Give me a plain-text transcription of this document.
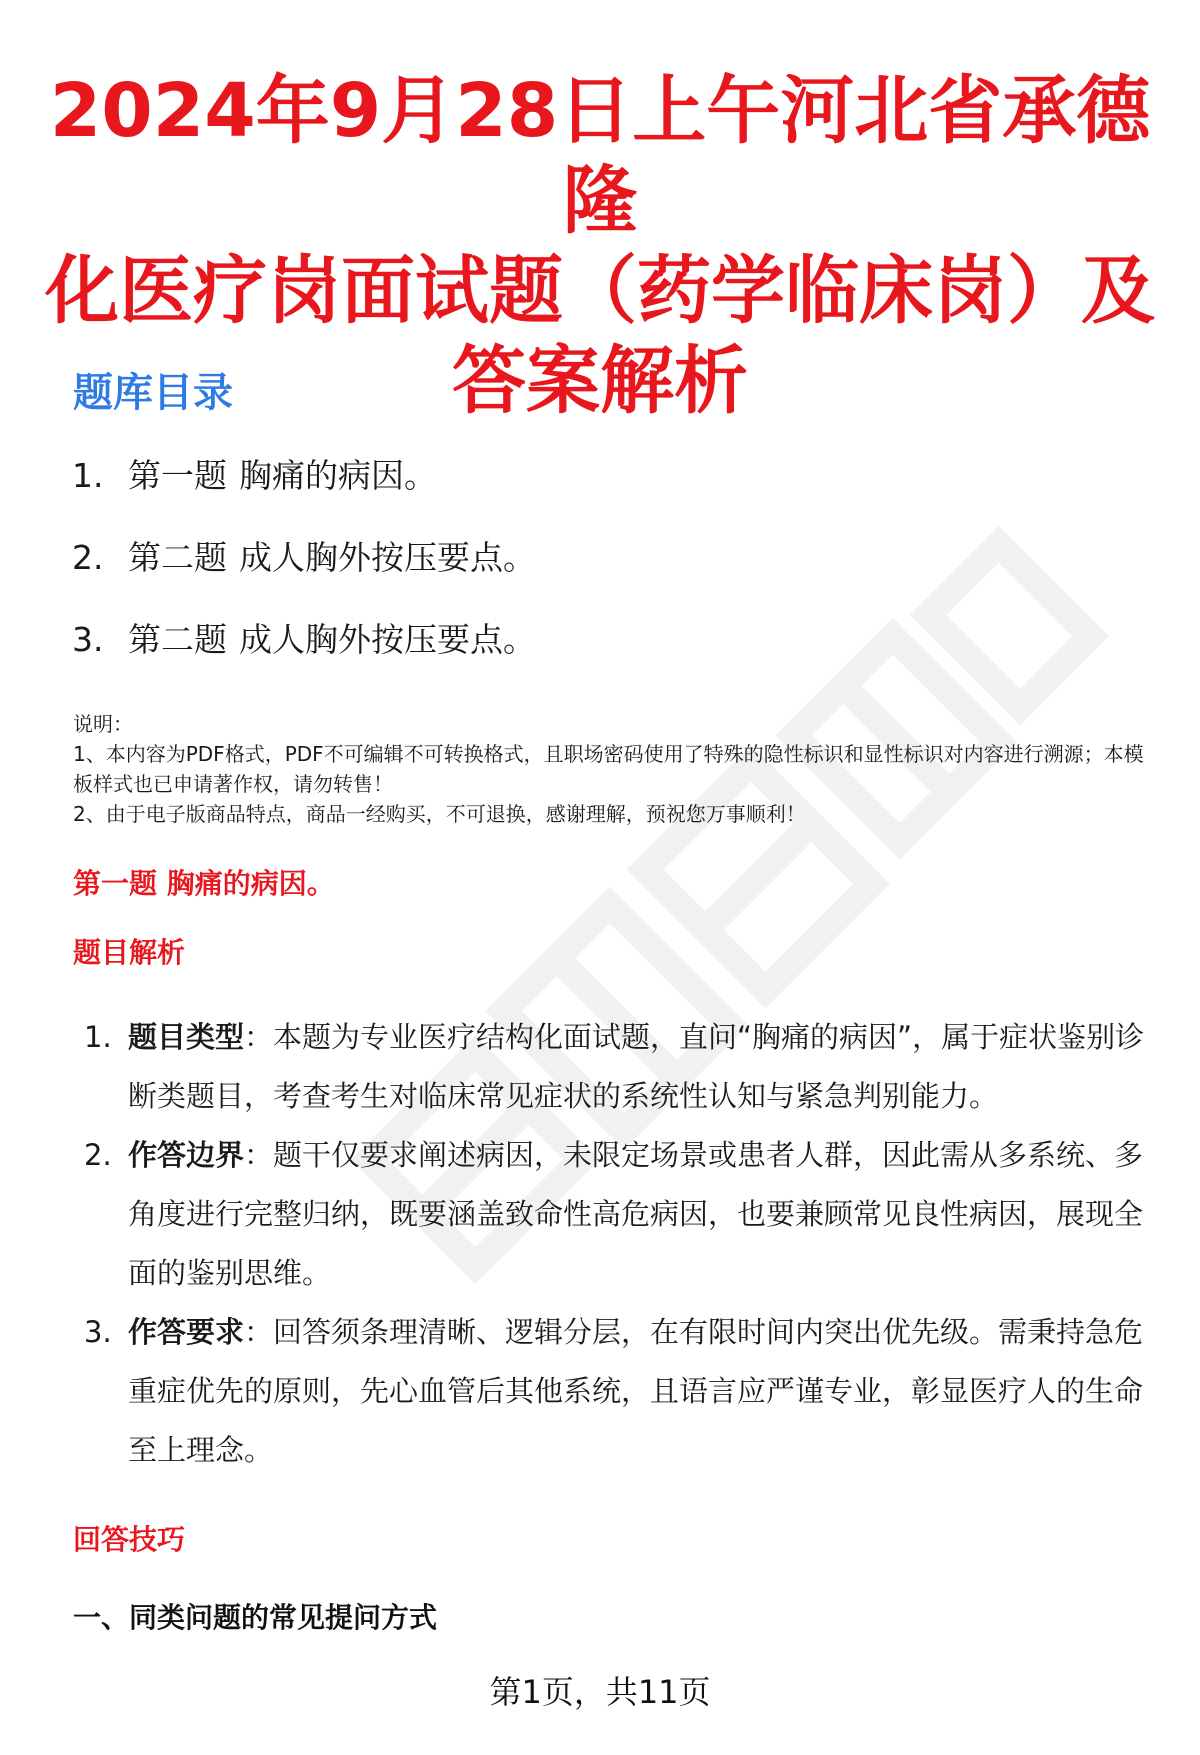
2024年9月28日上午河北省承德隆
化医疗岗面试题（药学临床岗）及
答案解析
题库目录
1. 第一题 胸痛的病因。
2. 第二题 成人胸外按压要点。
3. 第二题 成人胸外按压要点。

说明：

1、本内容为PDF格式，PDF不可编辑不可转换格式，且职场密码使用了特殊的隐性标识和显性标识对内容进行溯源；本模板样式也已申请著作权，请勿转售！

2、由于电子版商品特点，商品一经购买，不可退换，感谢理解，预祝您万事顺利！

第一题 胸痛的病因。
题目解析
1. 题目类型：本题为专业医疗结构化面试题，直问“胸痛的病因”，属于症状鉴别诊断类题目，考查考生对临床常见症状的系统性认知与紧急判别能力。
2. 作答边界：题干仅要求阐述病因，未限定场景或患者人群，因此需从多系统、多角度进行完整归纳，既要涵盖致命性高危病因，也要兼顾常见良性病因，展现全面的鉴别思维。
3. 作答要求：回答须条理清晰、逻辑分层，在有限时间内突出优先级。需秉持急危重症优先的原则，先心血管后其他系统，且语言应严谨专业，彰显医疗人的生命至上理念。
回答技巧
一、同类问题的常见提问方式
第1页，共11页
